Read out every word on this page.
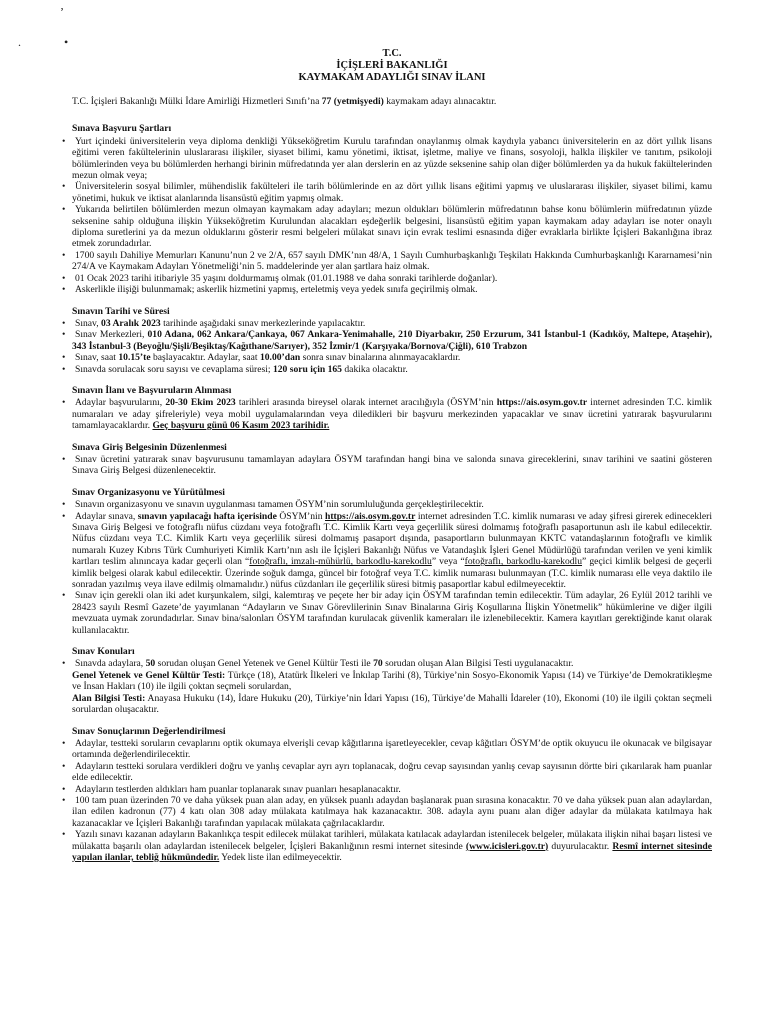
.
ʼ
•
T.C.
İÇİŞLERİ BAKANLIĞI
KAYMAKAM ADAYLIĞI SINAV İLANI
T.C. İçişleri Bakanlığı Mülki İdare Amirliği Hizmetleri Sınıfı’na 77 (yetmişyedi) kaymakam adayı alınacaktır.
Sınava Başvuru Şartları
• Yurt içindeki üniversitelerin veya diploma denkliği Yükseköğretim Kurulu tarafından onaylanmış olmak kaydıyla yabancı üniversitelerin en az dört yıllık lisans eğitimi veren fakültelerinin uluslararası ilişkiler, siyaset bilimi, kamu yönetimi, iktisat, işletme, maliye ve finans, sosyoloji, halkla ilişkiler ve tanıtım, psikoloji bölümlerinden veya bu bölümlerden herhangi birinin müfredatında yer alan derslerin en az yüzde seksenine sahip olan diğer bölümlerden ya da hukuk fakültelerinden mezun olmak veya;
• Üniversitelerin sosyal bilimler, mühendislik fakülteleri ile tarih bölümlerinde en az dört yıllık lisans eğitimi yapmış ve uluslararası ilişkiler, siyaset bilimi, kamu yönetimi, hukuk ve iktisat alanlarında lisansüstü eğitim yapmış olmak.
• Yukarıda belirtilen bölümlerden mezun olmayan kaymakam aday adayları; mezun oldukları bölümlerin müfredatının bahse konu bölümlerin müfredatının yüzde seksenine sahip olduğuna ilişkin Yükseköğretim Kurulundan alacakları eşdeğerlik belgesini, lisansüstü eğitim yapan kaymakam aday adayları ise noter onaylı diploma suretlerini ya da mezun olduklarını gösterir resmi belgeleri mülakat sınavı için evrak teslimi esnasında diğer evraklarla birlikte İçişleri Bakanlığına ibraz etmek zorundadırlar.
• 1700 sayılı Dahiliye Memurları Kanunu’nun 2 ve 2/A, 657 sayılı DMK’nın 48/A, 1 Sayılı Cumhurbaşkanlığı Teşkilatı Hakkında Cumhurbaşkanlığı Kararnamesi’nin 274/A ve Kaymakam Adayları Yönetmeliği’nin 5. maddelerinde yer alan şartlara haiz olmak.
• 01 Ocak 2023 tarihi itibariyle 35 yaşını doldurmamış olmak (01.01.1988 ve daha sonraki tarihlerde doğanlar).
• Askerlikle ilişiği bulunmamak; askerlik hizmetini yapmış, erteletmiş veya yedek sınıfa geçirilmiş olmak.
Sınavın Tarihi ve Süresi
• Sınav, 03 Aralık 2023 tarihinde aşağıdaki sınav merkezlerinde yapılacaktır.
• Sınav Merkezleri, 010 Adana, 062 Ankara/Çankaya, 067 Ankara-Yenimahalle, 210 Diyarbakır, 250 Erzurum, 341 İstanbul-1 (Kadıköy, Maltepe, Ataşehir), 343 İstanbul-3 (Beyoğlu/Şişli/Beşiktaş/Kağıthane/Sarıyer), 352 İzmir/1 (Karşıyaka/Bornova/Çiğli), 610 Trabzon
• Sınav, saat 10.15’te başlayacaktır. Adaylar, saat 10.00’dan sonra sınav binalarına alınmayacaklardır.
• Sınavda sorulacak soru sayısı ve cevaplama süresi; 120 soru için 165 dakika olacaktır.
Sınavın İlanı ve Başvuruların Alınması
• Adaylar başvurularını, 20-30 Ekim 2023 tarihleri arasında bireysel olarak internet aracılığıyla (ÖSYM’nin https://ais.osym.gov.tr internet adresinden T.C. kimlik numaraları ve aday şifreleriyle) veya mobil uygulamalarından veya diledikleri bir başvuru merkezinden yapacaklar ve sınav ücretini yatırarak başvurularını tamamlayacaklardır. Geç başvuru günü 06 Kasım 2023 tarihidir.
Sınava Giriş Belgesinin Düzenlenmesi
• Sınav ücretini yatırarak sınav başvurusunu tamamlayan adaylara ÖSYM tarafından hangi bina ve salonda sınava gireceklerini, sınav tarihini ve saatini gösteren Sınava Giriş Belgesi düzenlenecektir.
Sınav Organizasyonu ve Yürütülmesi
• Sınavın organizasyonu ve sınavın uygulanması tamamen ÖSYM’nin sorumluluğunda gerçekleştirilecektir.
• Adaylar sınava, sınavın yapılacağı hafta içerisinde ÖSYM’nin https://ais.osym.gov.tr internet adresinden T.C. kimlik numarası ve aday şifresi girerek edinecekleri Sınava Giriş Belgesi ve fotoğraflı nüfus cüzdanı veya fotoğraflı T.C. Kimlik Kartı veya geçerlilik süresi dolmamış fotoğraflı pasaportunun aslı ile kabul edilecektir. Nüfus cüzdanı veya T.C. Kimlik Kartı veya geçerlilik süresi dolmamış pasaport dışında, pasaportların bulunmayan KKTC vatandaşlarının fotoğraflı ve kimlik numaralı Kuzey Kıbrıs Türk Cumhuriyeti Kimlik Kartı’nın aslı ile İçişleri Bakanlığı Nüfus ve Vatandaşlık İşleri Genel Müdürlüğü tarafından verilen ve yeni kimlik kartları teslim alınıncaya kadar geçerli olan “fotoğraflı, imzalı-mühürlü, barkodlu-karekodlu” veya “fotoğraflı, barkodlu-karekodlu” geçici kimlik belgesi de geçerli kimlik belgesi olarak kabul edilecektir. Üzerinde soğuk damga, güncel bir fotoğraf veya T.C. kimlik numarası bulunmayan (T.C. kimlik numarası elle veya daktilo ile sonradan yazılmış veya ilave edilmiş olmamalıdır.) nüfus cüzdanları ile geçerlilik süresi bitmiş pasaportlar kabul edilmeyecektir.
• Sınav için gerekli olan iki adet kurşunkalem, silgi, kalemtıraş ve peçete her bir aday için ÖSYM tarafından temin edilecektir. Tüm adaylar, 26 Eylül 2012 tarihli ve 28423 sayılı Resmî Gazete’de yayımlanan “Adayların ve Sınav Görevlilerinin Sınav Binalarına Giriş Koşullarına İlişkin Yönetmelik” hükümlerine ve diğer ilgili mevzuata uymak zorundadırlar. Sınav bina/salonları ÖSYM tarafından kurulacak güvenlik kameraları ile izlenebilecektir. Kamera kayıtları gerektiğinde kanıt olarak kullanılacaktır.
Sınav Konuları
• Sınavda adaylara, 50 sorudan oluşan Genel Yetenek ve Genel Kültür Testi ile 70 sorudan oluşan Alan Bilgisi Testi uygulanacaktır.
Genel Yetenek ve Genel Kültür Testi: Türkçe (18), Atatürk İlkeleri ve İnkılap Tarihi (8), Türkiye’nin Sosyo-Ekonomik Yapısı (14) ve Türkiye’de Demokratikleşme ve İnsan Hakları (10) ile ilgili çoktan seçmeli sorulardan,
Alan Bilgisi Testi: Anayasa Hukuku (14), İdare Hukuku (20), Türkiye’nin İdari Yapısı (16), Türkiye’de Mahalli İdareler (10), Ekonomi (10) ile ilgili çoktan seçmeli sorulardan oluşacaktır.
Sınav Sonuçlarının Değerlendirilmesi
• Adaylar, testteki soruların cevaplarını optik okumaya elverişli cevap kâğıtlarına işaretleyecekler, cevap kâğıtları ÖSYM’de optik okuyucu ile okunacak ve bilgisayar ortamında değerlendirilecektir.
• Adayların testteki sorulara verdikleri doğru ve yanlış cevaplar ayrı ayrı toplanacak, doğru cevap sayısından yanlış cevap sayısının dörtte biri çıkarılarak ham puanlar elde edilecektir.
• Adayların testlerden aldıkları ham puanlar toplanarak sınav puanları hesaplanacaktır.
• 100 tam puan üzerinden 70 ve daha yüksek puan alan aday, en yüksek puanlı adaydan başlanarak puan sırasına konacaktır. 70 ve daha yüksek puan alan adaylardan, ilan edilen kadronun (77) 4 katı olan 308 aday mülakata katılmaya hak kazanacaktır. 308. adayla aynı puanı alan diğer adaylar da mülakata katılmaya hak kazanacaklar ve İçişleri Bakanlığı tarafından yapılacak mülakata çağrılacaklardır.
• Yazılı sınavı kazanan adayların Bakanlıkça tespit edilecek mülakat tarihleri, mülakata katılacak adaylardan istenilecek belgeler, mülakata ilişkin nihai başarı listesi ve mülakatta başarılı olan adaylardan istenilecek belgeler, İçişleri Bakanlığının resmi internet sitesinde (www.icisleri.gov.tr) duyurulacaktır. Resmî internet sitesinde yapılan ilanlar, tebliğ hükmündedir. Yedek liste ilan edilmeyecektir.
